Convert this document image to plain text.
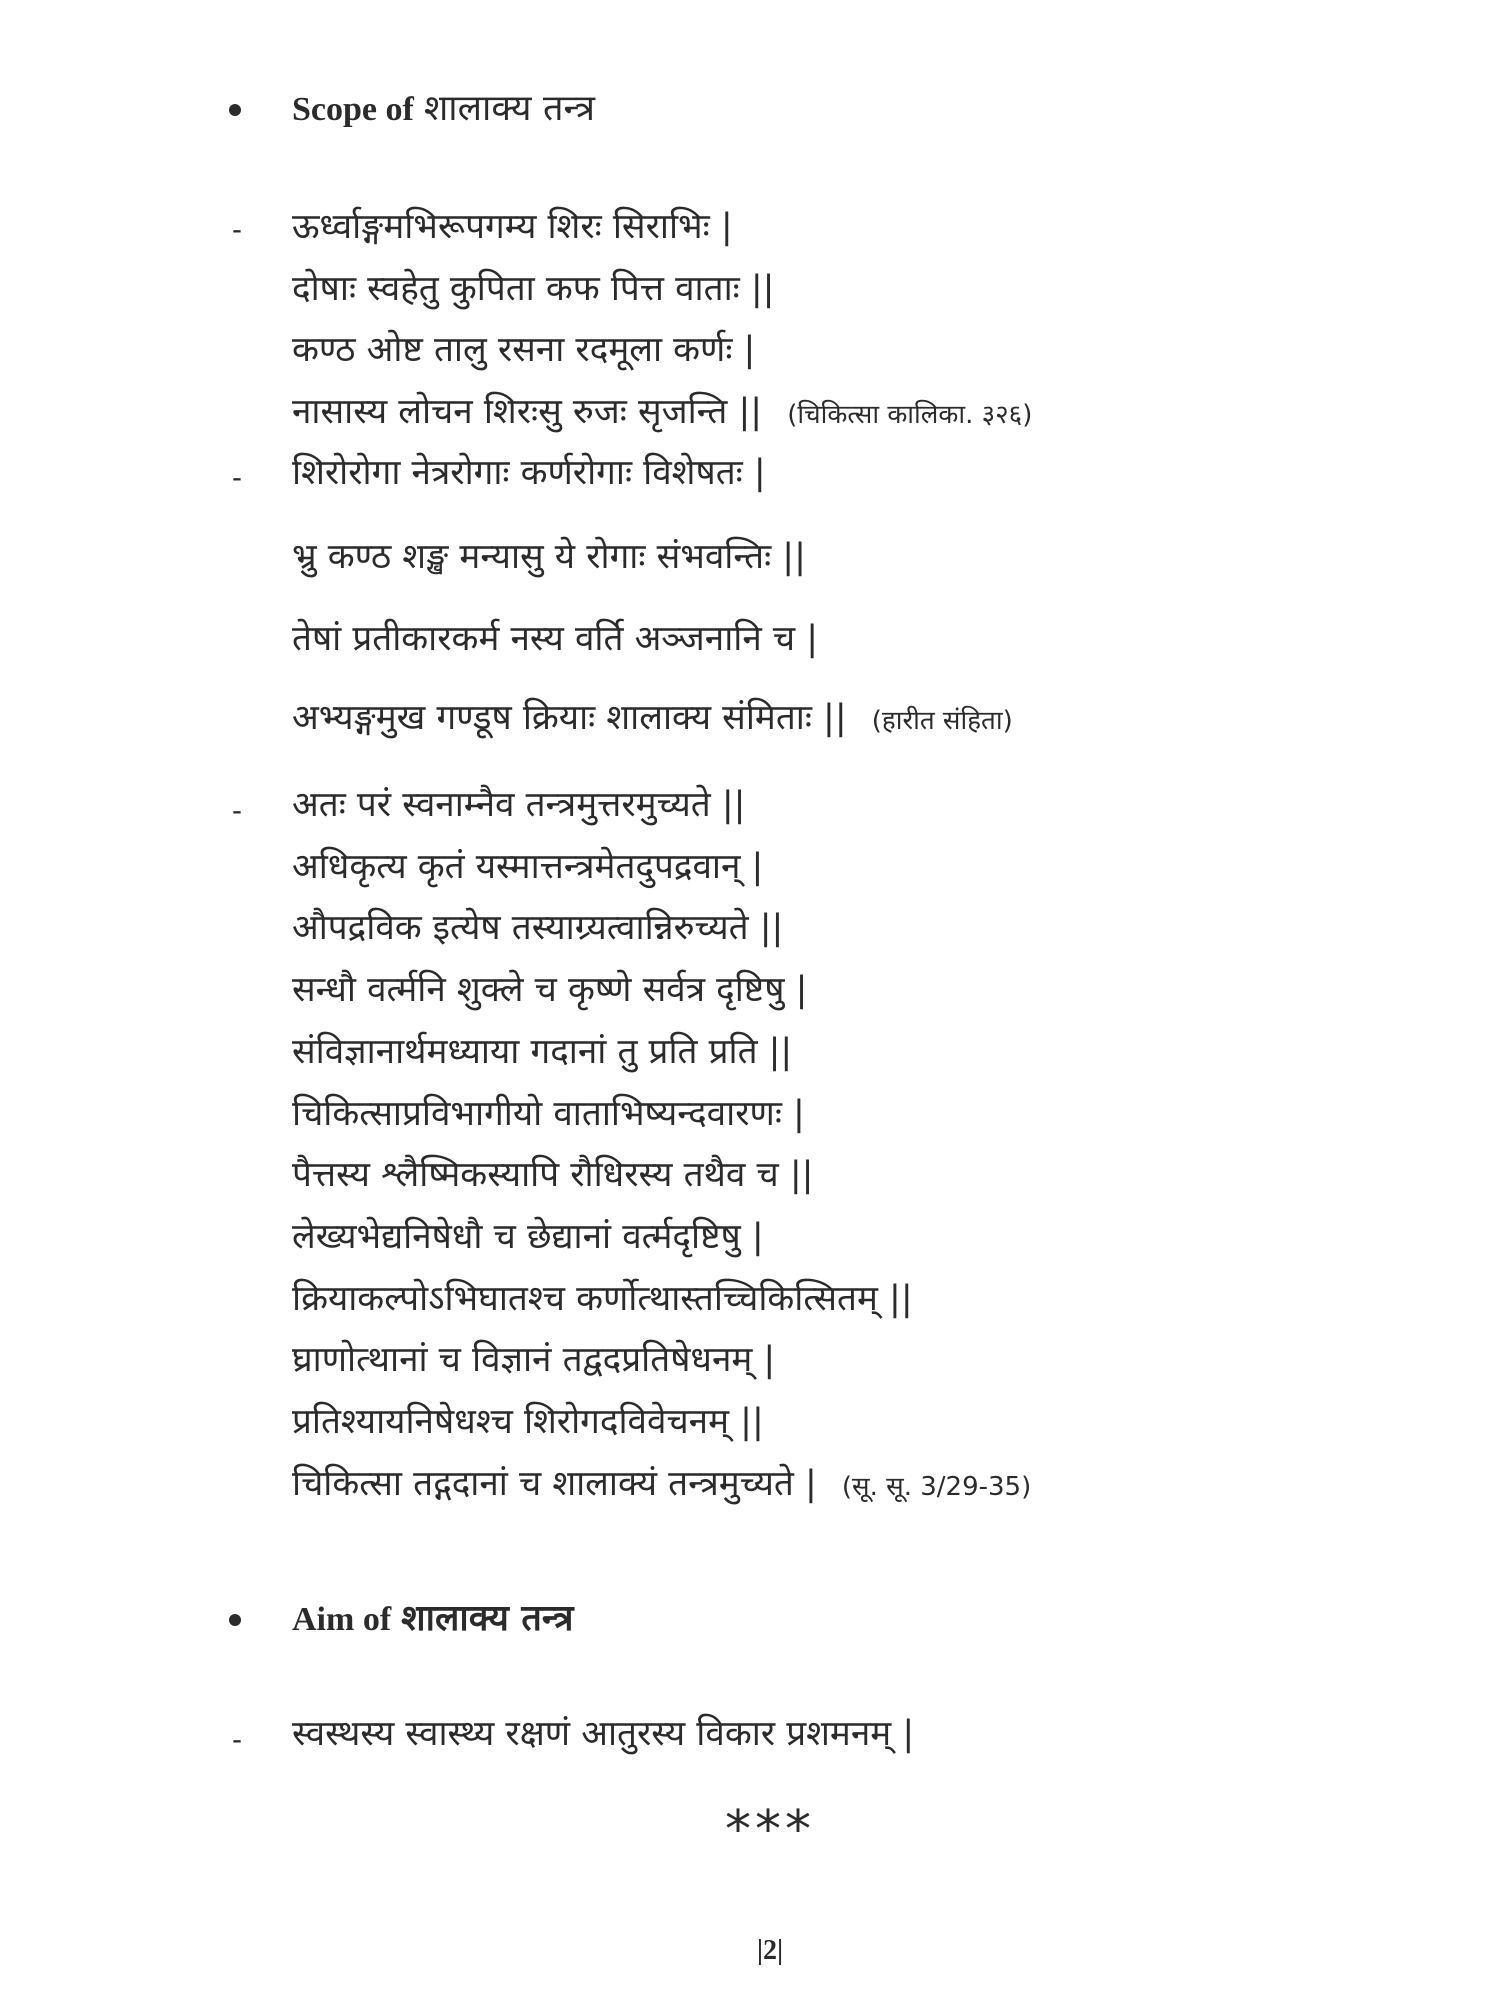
Scope of शालाक्य तन्त्र
- ऊर्ध्वाङ्गमभिरूपगम्य शिरः सिराभिः |
दोषाः स्वहेतु कुपिता कफ पित्त वाताः ||
कण्ठ ओष्ट तालु रसना रदमूला कर्णः |
नासास्य लोचन शिरःसु रुजः सृजन्ति || (चिकित्सा कालिका. ३२६)
- शिरोरोगा नेत्ररोगाः कर्णरोगाः विशेषतः |
भ्रु कण्ठ शङ्ख मन्यासु ये रोगाः संभवन्तिः ||
तेषां प्रतीकारकर्म नस्य वर्ति अञ्जनानि च |
अभ्यङ्गमुख गण्डूष क्रियाः शालाक्य संमिताः || (हारीत संहिता)
- अतः परं स्वनाम्नैव तन्त्रमुत्तरमुच्यते ||
अधिकृत्य कृतं यस्मात्तन्त्रमेतदुपद्रवान् |
औपद्रविक इत्येष तस्याग्र्यत्वान्निरुच्यते ||
सन्धौ वर्त्मनि शुक्ले च कृष्णे सर्वत्र दृष्टिषु |
संविज्ञानार्थमध्याया गदानां तु प्रति प्रति ||
चिकित्साप्रविभागीयो वाताभिष्यन्दवारणः |
पैत्तस्य श्लैष्मिकस्यापि रौधिरस्य तथैव च ||
लेख्यभेद्यनिषेधौ च छेद्यानां वर्त्मदृष्टिषु |
क्रियाकल्पोऽभिघातश्च कर्णोत्थास्तच्चिकित्सितम् ||
घ्राणोत्थानां च विज्ञानं तद्वदप्रतिषेधनम् |
प्रतिश्यायनिषेधश्च शिरोगदविवेचनम् ||
चिकित्सा तद्गदानां च शालाक्यं तन्त्रमुच्यते | (सू. सू. 3/29-35)
Aim of शालाक्य तन्त्र
- स्वस्थस्य स्वास्थ्य रक्षणं आतुरस्य विकार प्रशमनम् |
***
|2|
